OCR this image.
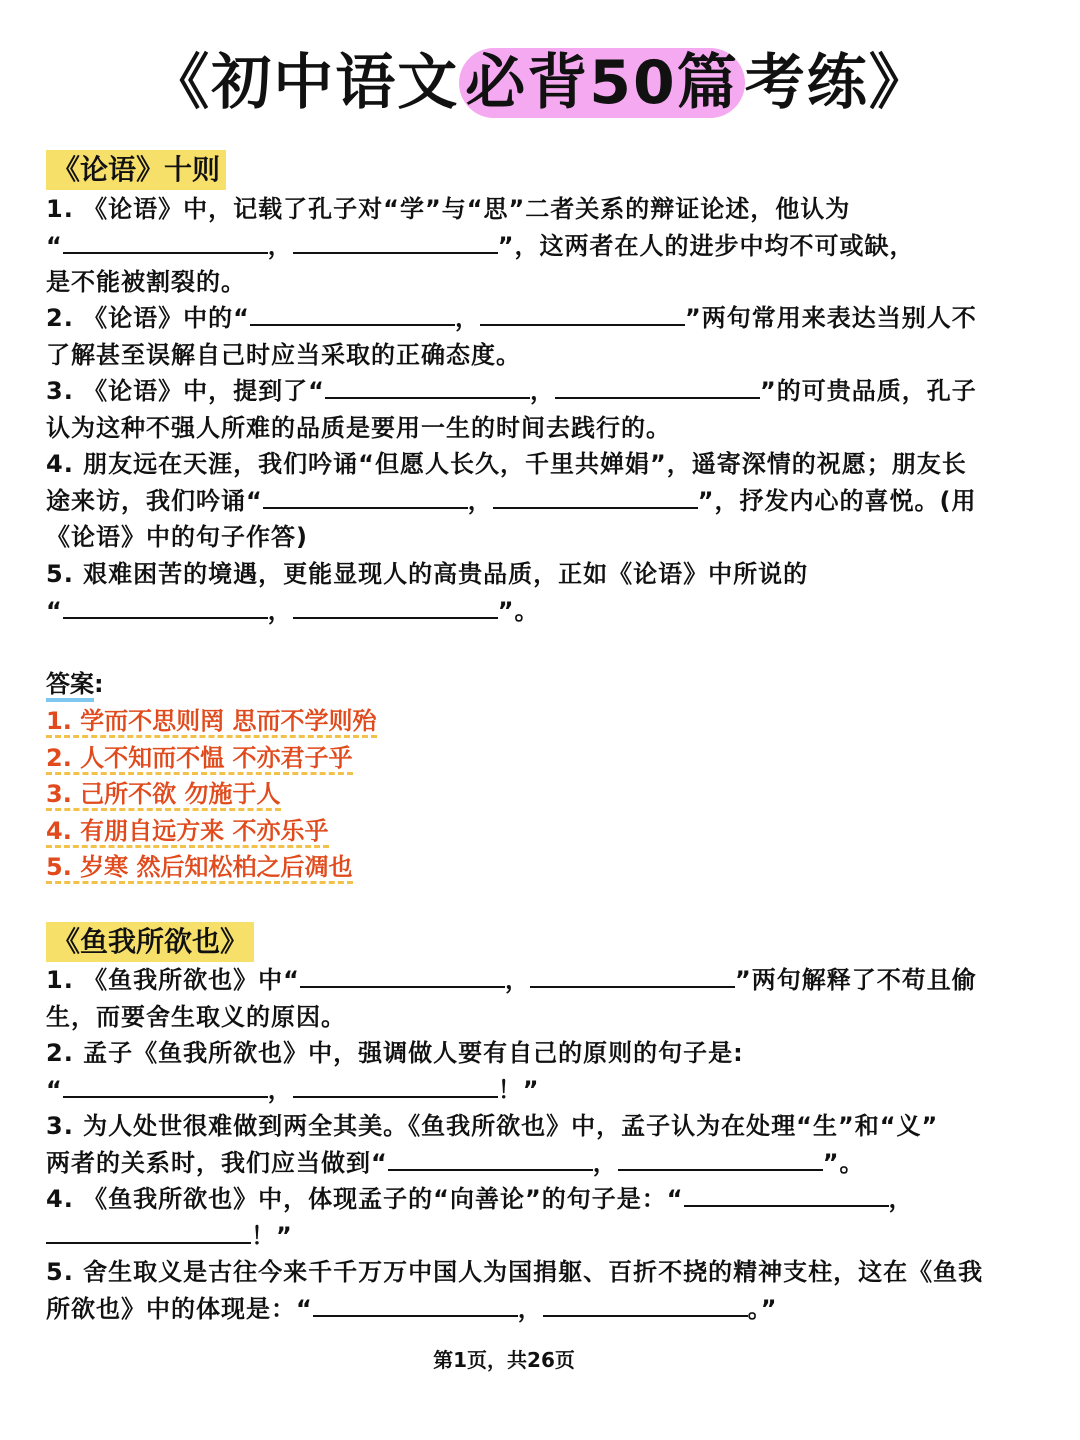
《初中语文 必背50篇 考练》
《论语》十则
1. 《论语》中，记载了孔子对“学”与“思”二者关系的辩证论述，他认为
“	，	”，这两者在人的进步中均不可或缺，
是不能被割裂的。
2. 《论语》中的“	，	”两句常用来表达当别人不
了解甚至误解自己时应当采取的正确态度。
3. 《论语》中，提到了“	，	”的可贵品质，孔子
认为这种不强人所难的品质是要用一生的时间去践行的。
4. 朋友远在天涯，我们吟诵“但愿人长久，千里共婵娟”，遥寄深情的祝愿；朋友长
途来访，我们吟诵“	，	”，抒发内心的喜悦。(用
《论语》中的句子作答)
5. 艰难困苦的境遇，更能显现人的高贵品质，正如《论语》中所说的
“	，	”。
答案:
1. 学而不思则罔 思而不学则殆
2. 人不知而不愠 不亦君子乎
3. 己所不欲 勿施于人
4. 有朋自远方来 不亦乐乎
5. 岁寒 然后知松柏之后凋也
《鱼我所欲也》
1. 《鱼我所欲也》中“	，	”两句解释了不苟且偷
生，而要舍生取义的原因。
2. 孟子《鱼我所欲也》中，强调做人要有自己的原则的句子是:
“	，	！”
3. 为人处世很难做到两全其美。《鱼我所欲也》中，孟子认为在处理“生”和“义”
两者的关系时，我们应当做到“	，	”。
4. 《鱼我所欲也》中，体现孟子的“向善论”的句子是：“	，
！”
5. 舍生取义是古往今来千千万万中国人为国捐躯、百折不挠的精神支柱，这在《鱼我
所欲也》中的体现是：“	，	。”
第1页，共26页
